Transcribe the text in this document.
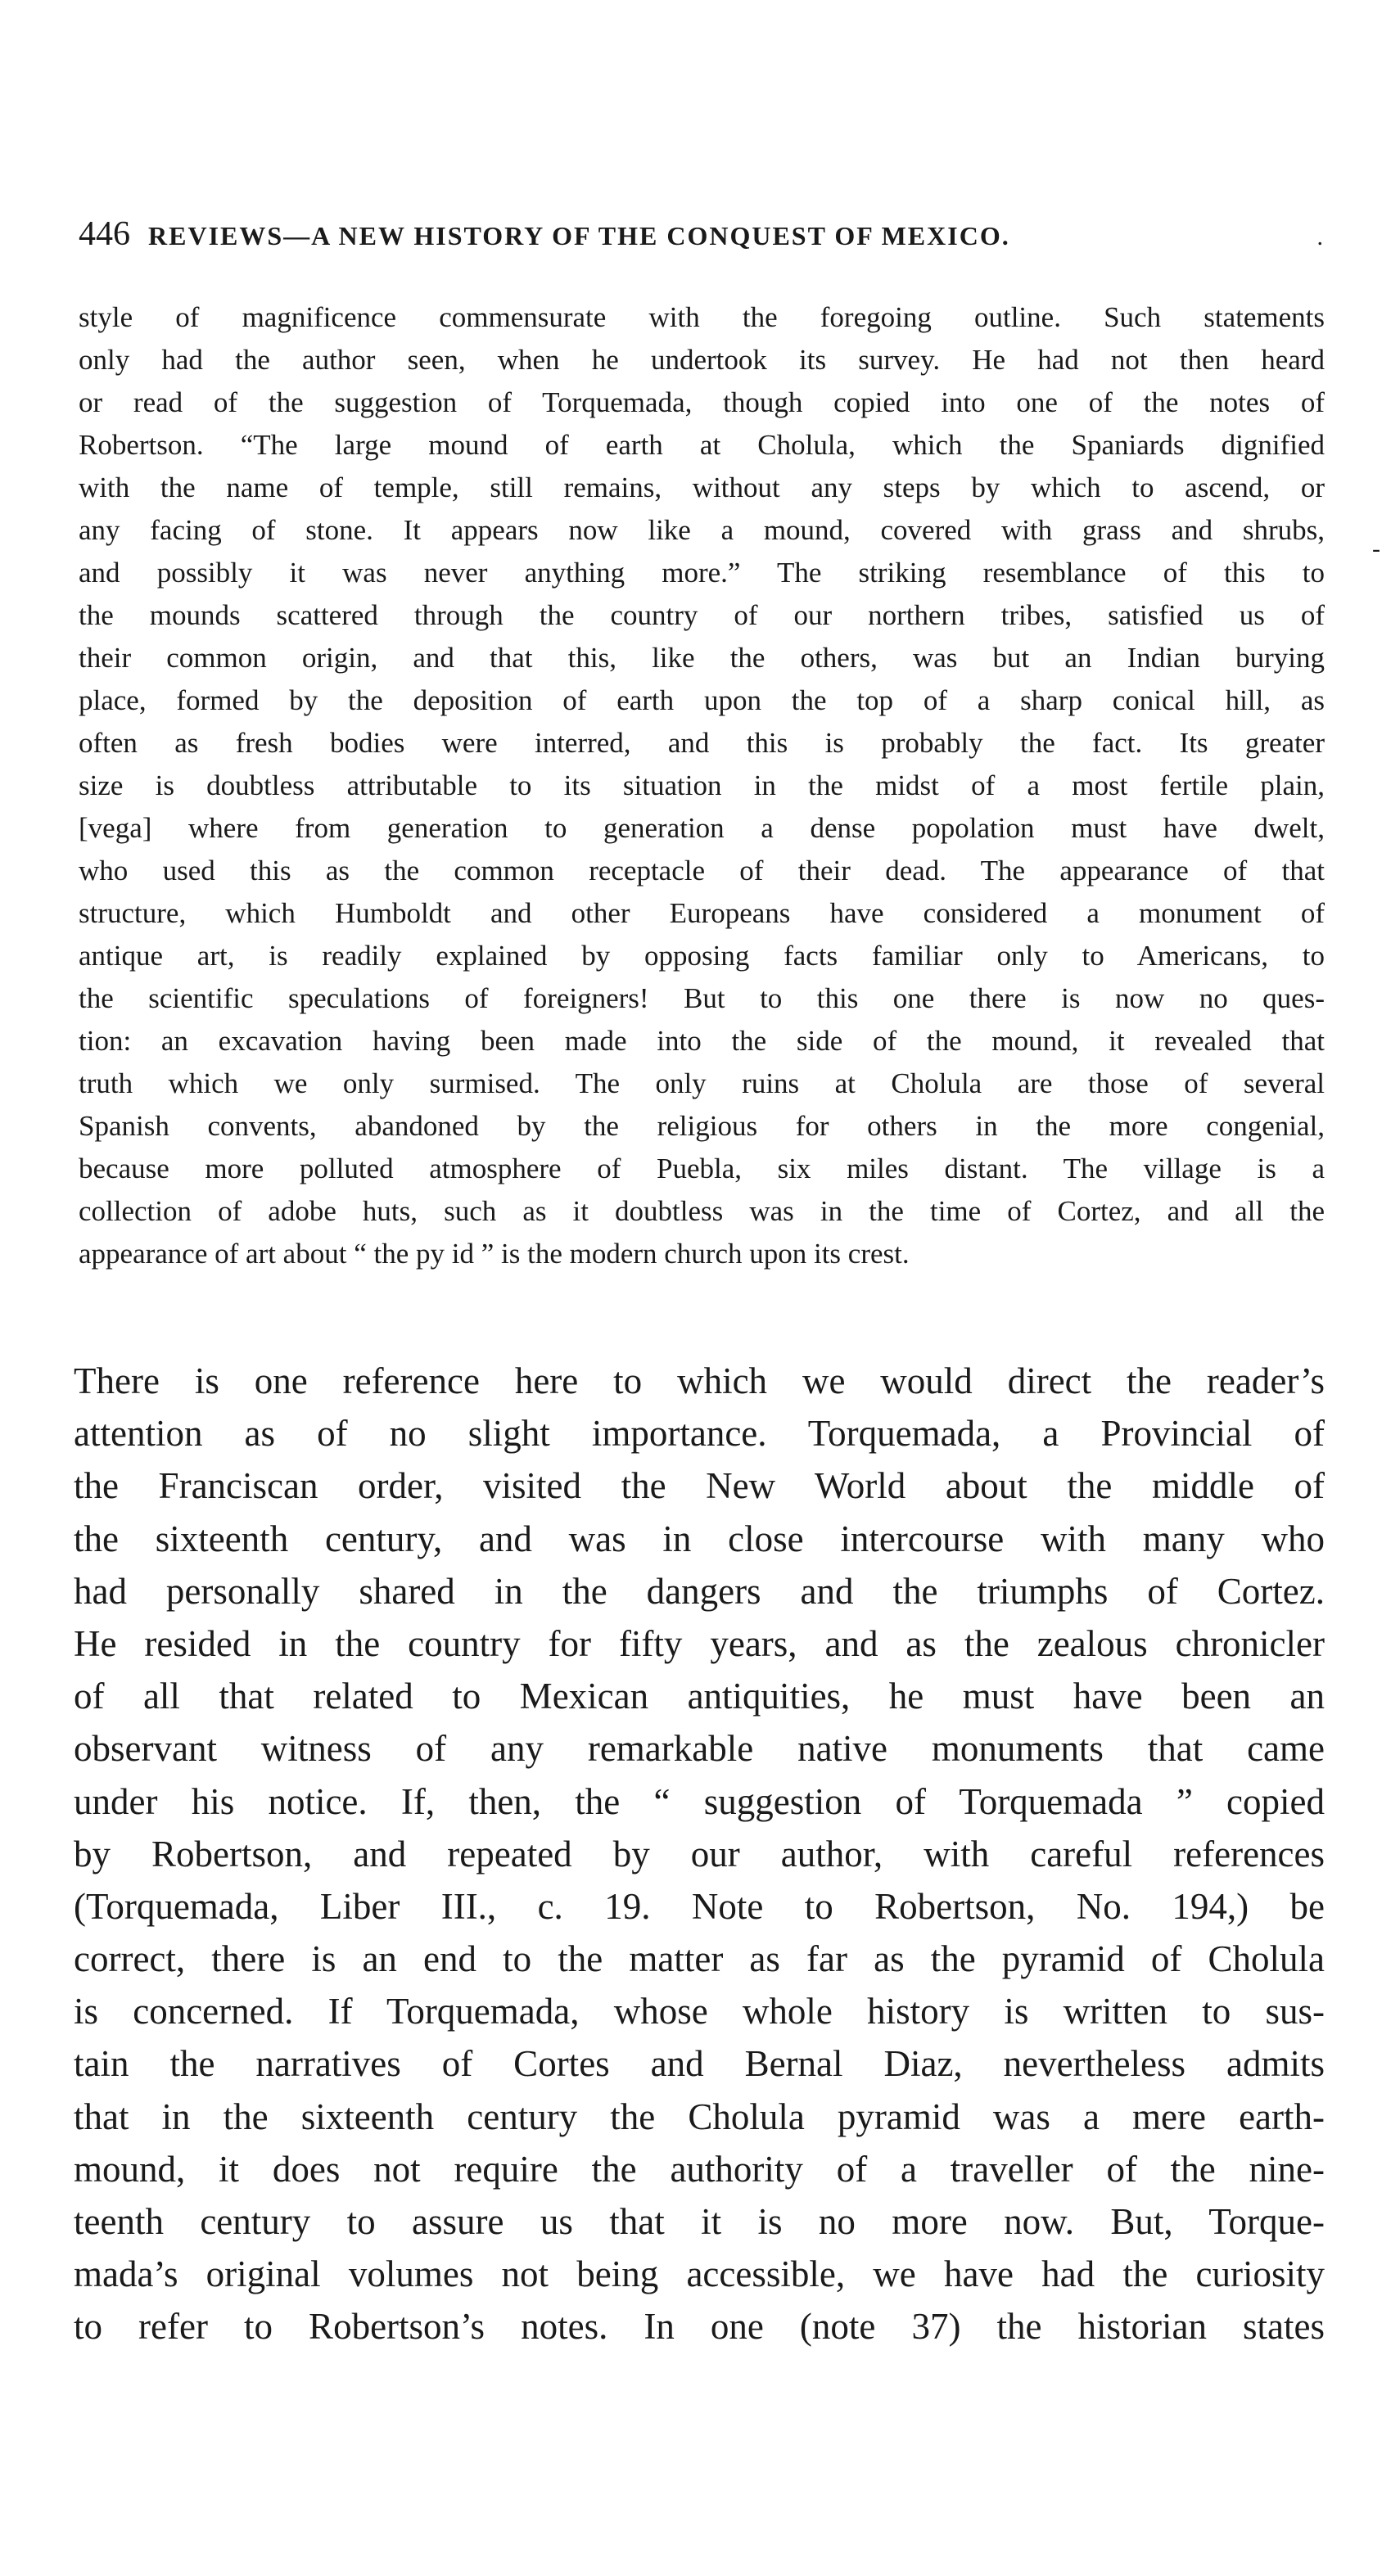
446 REVIEWS—A NEW HISTORY OF THE CONQUEST OF MEXICO.	.
-
style of magnificence commensurate with the foregoing outline. Such statements
only had the author seen, when he undertook its survey. He had not then heard
or read of the suggestion of Torquemada, though copied into one of the notes of
Robertson. “The large mound of earth at Cholula, which the Spaniards dignified
with the name of temple, still remains, without any steps by which to ascend, or
any facing of stone. It appears now like a mound, covered with grass and shrubs,
and possibly it was never anything more.” The striking resemblance of this to
the mounds scattered through the country of our northern tribes, satisfied us of
their common origin, and that this, like the others, was but an Indian burying
place, formed by the deposition of earth upon the top of a sharp conical hill, as
often as fresh bodies were interred, and this is probably the fact. Its greater
size is doubtless attributable to its situation in the midst of a most fertile plain,
[vega] where from generation to generation a dense popolation must have dwelt,
who used this as the common receptacle of their dead. The appearance of that
structure, which Humboldt and other Europeans have considered a monument of
antique art, is readily explained by opposing facts familiar only to Americans, to
the scientific speculations of foreigners! But to this one there is now no ques-
tion: an excavation having been made into the side of the mound, it revealed that
truth which we only surmised. The only ruins at Cholula are those of several
Spanish convents, abandoned by the religious for others in the more congenial,
because more polluted atmosphere of Puebla, six miles distant. The village is a
collection of adobe huts, such as it doubtless was in the time of Cortez, and all the
appearance of art about “ the py id ” is the modern church upon its crest.
There is one reference here to which we would direct the reader’s
attention as of no slight importance. Torquemada, a Provincial of
the Franciscan order, visited the New World about the middle of
the sixteenth century, and was in close intercourse with many who
had personally shared in the dangers and the triumphs of Cortez.
He resided in the country for fifty years, and as the zealous chronicler
of all that related to Mexican antiquities, he must have been an
observant witness of any remarkable native monuments that came
under his notice. If, then, the “ suggestion of Torquemada ” copied
by Robertson, and repeated by our author, with careful references
(Torquemada, Liber III., c. 19. Note to Robertson, No. 194,) be
correct, there is an end to the matter as far as the pyramid of Cholula
is concerned. If Torquemada, whose whole history is written to sus-
tain the narratives of Cortes and Bernal Diaz, nevertheless admits
that in the sixteenth century the Cholula pyramid was a mere earth-
mound, it does not require the authority of a traveller of the nine-
teenth century to assure us that it is no more now. But, Torque-
mada’s original volumes not being accessible, we have had the curiosity
to refer to Robertson’s notes. In one (note 37) the historian states
